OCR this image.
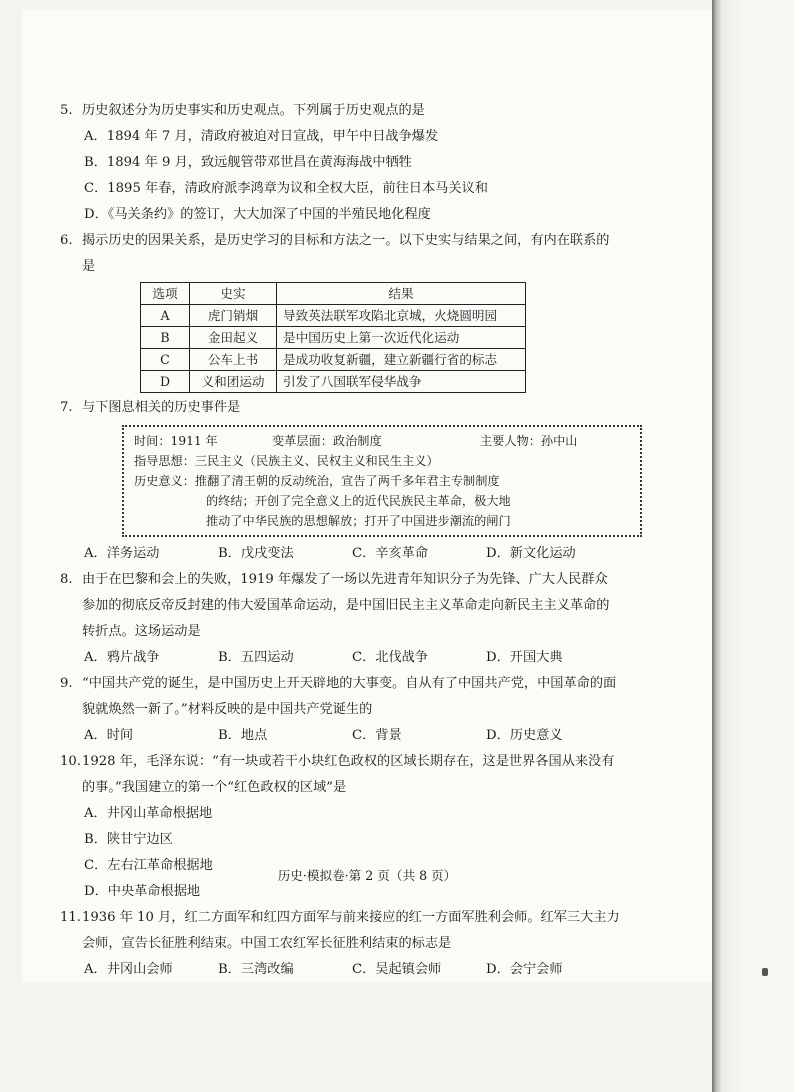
5. 历史叙述分为历史事实和历史观点。下列属于历史观点的是
A．1894 年 7 月，清政府被迫对日宣战，甲午中日战争爆发
B．1894 年 9 月，致远舰管带邓世昌在黄海海战中牺牲
C．1895 年春，清政府派李鸿章为议和全权大臣，前往日本马关议和
D．《马关条约》的签订，大大加深了中国的半殖民地化程度
6. 揭示历史的因果关系，是历史学习的目标和方法之一。以下史实与结果之间，有内在联系的是
选项	史实	结果
A	虎门销烟	导致英法联军攻陷北京城，火烧圆明园
B	金田起义	是中国历史上第一次近代化运动
C	公车上书	是成功收复新疆，建立新疆行省的标志
D	义和团运动	引发了八国联军侵华战争
7. 与下图息相关的历史事件是
时间：1911 年	变革层面：政治制度	主要人物：孙中山
指导思想：三民主义（民族主义、民权主义和民生主义）
历史意义：推翻了清王朝的反动统治，宣告了两千多年君主专制制度
的终结；开创了完全意义上的近代民族民主革命，极大地
推动了中华民族的思想解放；打开了中国进步潮流的闸门
A．洋务运动	B．戊戌变法	C．辛亥革命	D．新文化运动
8. 由于在巴黎和会上的失败，1919 年爆发了一场以先进青年知识分子为先锋、广大人民群众参加的彻底反帝反封建的伟大爱国革命运动，是中国旧民主主义革命走向新民主主义革命的转折点。这场运动是
A．鸦片战争	B．五四运动	C．北伐战争	D．开国大典
9. “中国共产党的诞生，是中国历史上开天辟地的大事变。自从有了中国共产党，中国革命的面貌就焕然一新了。”材料反映的是中国共产党诞生的
A．时间	B．地点	C．背景	D．历史意义
10. 1928 年，毛泽东说：“有一块或若干小块红色政权的区域长期存在，这是世界各国从来没有的事。”我国建立的第一个“红色政权的区域”是
A．井冈山革命根据地
B．陕甘宁边区
C．左右江革命根据地
D．中央革命根据地
11. 1936 年 10 月，红二方面军和红四方面军与前来接应的红一方面军胜利会师。红军三大主力会师，宣告长征胜利结束。中国工农红军长征胜利结束的标志是
A．井冈山会师	B．三湾改编	C．吴起镇会师	D．会宁会师
历史·模拟卷·第 2 页（共 8 页）
